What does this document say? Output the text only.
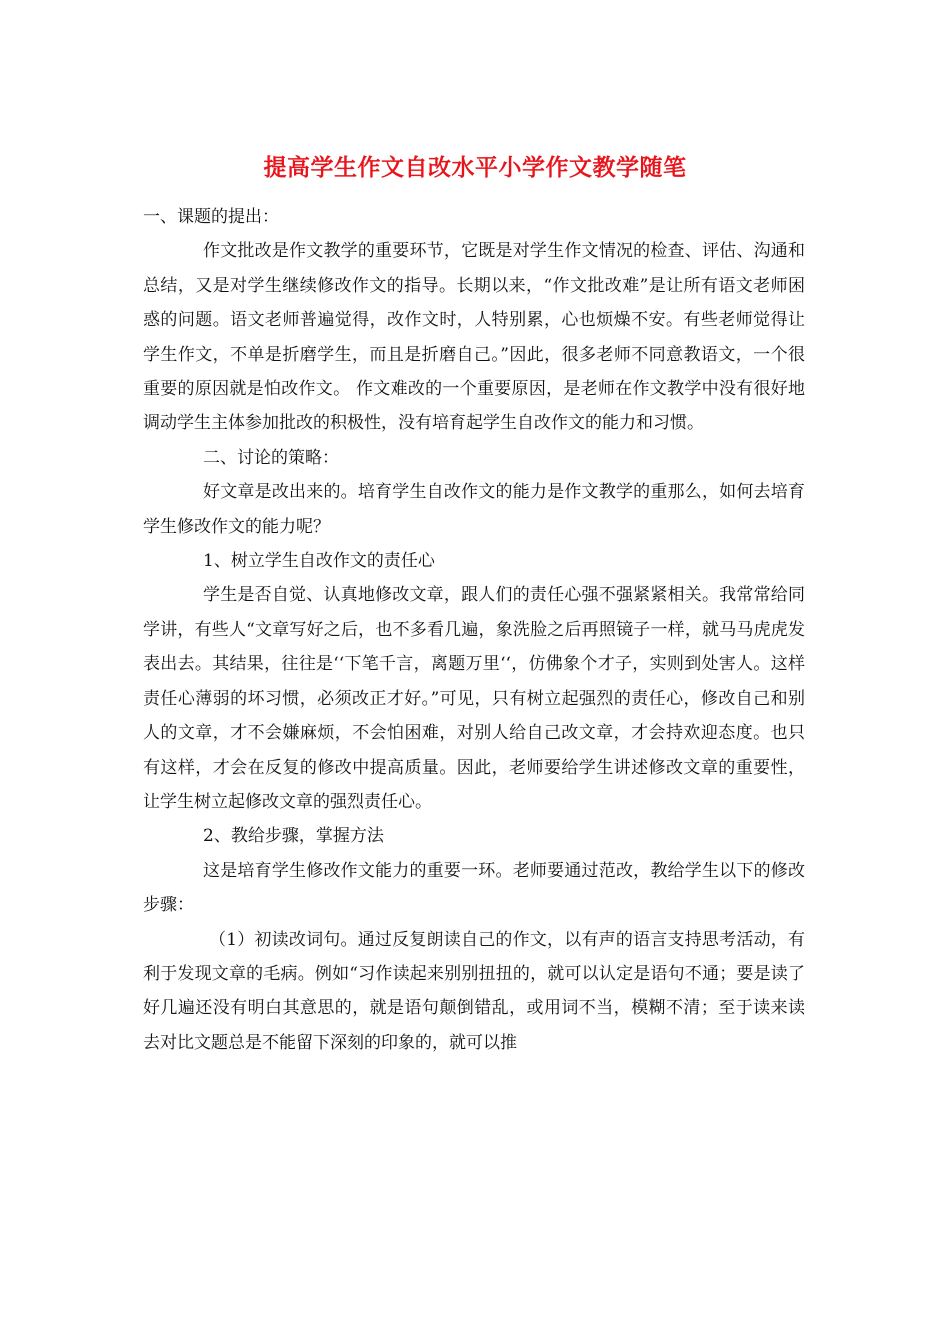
提高学生作文自改水平小学作文教学随笔

一、课题的提出：

作文批改是作文教学的重要环节，它既是对学生作文情况的检查、评估、沟通和总结，又是对学生继续修改作文的指导。长期以来，“作文批改难”是让所有语文老师困惑的问题。语文老师普遍觉得，改作文时，人特别累，心也烦燥不安。有些老师觉得让学生作文，不单是折磨学生，而且是折磨自己。”因此，很多老师不同意教语文，一个很重要的原因就是怕改作文。 作文难改的一个重要原因，是老师在作文教学中没有很好地调动学生主体参加批改的积极性，没有培育起学生自改作文的能力和习惯。

二、讨论的策略：

好文章是改出来的。培育学生自改作文的能力是作文教学的重那么，如何去培育学生修改作文的能力呢？

1、树立学生自改作文的责任心

学生是否自觉、认真地修改文章，跟人们的责任心强不强紧紧相关。我常常给同学讲，有些人“文章写好之后，也不多看几遍，象洗脸之后再照镜子一样，就马马虎虎发表出去。其结果，往往是‘‘下笔千言，离题万里‘‘，仿佛象个才子，实则到处害人。这样责任心薄弱的坏习惯，必须改正才好。”可见，只有树立起强烈的责任心，修改自己和别人的文章，才不会嫌麻烦，不会怕困难，对别人给自己改文章，才会持欢迎态度。也只有这样，才会在反复的修改中提高质量。因此，老师要给学生讲述修改文章的重要性，让学生树立起修改文章的强烈责任心。

2、教给步骤，掌握方法

这是培育学生修改作文能力的重要一环。老师要通过范改，教给学生以下的修改步骤：

（1）初读改词句。通过反复朗读自己的作文，以有声的语言支持思考活动，有利于发现文章的毛病。例如“习作读起来别别扭扭的，就可以认定是语句不通；要是读了好几遍还没有明白其意思的，就是语句颠倒错乱，或用词不当，模糊不清；至于读来读去对比文题总是不能留下深刻的印象的，就可以推
